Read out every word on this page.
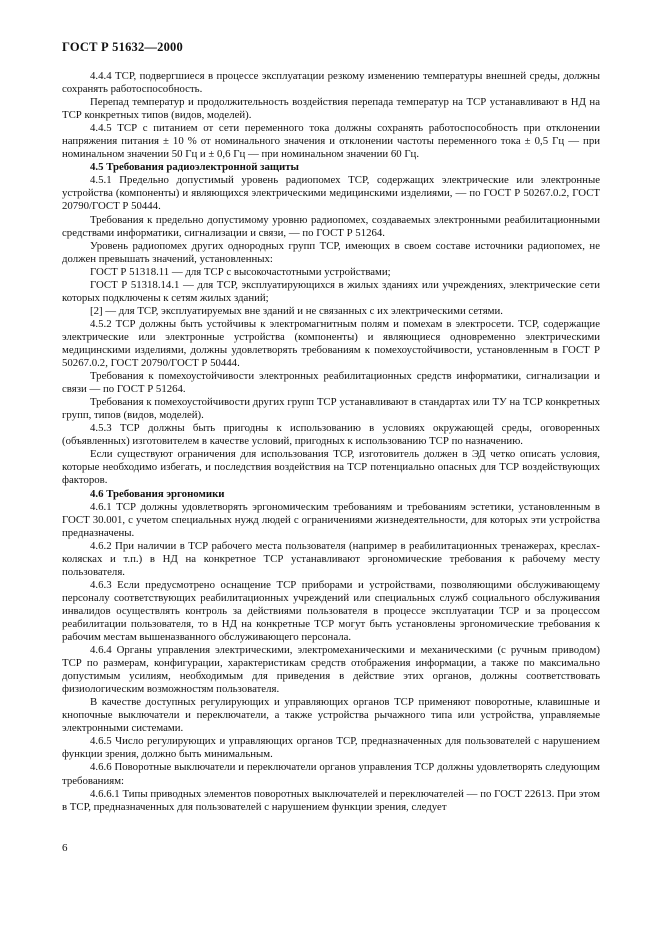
ГОСТ Р 51632—2000

4.4.4 ТСР, подвергшиеся в процессе эксплуатации резкому изменению температуры внешней среды, должны сохранять работоспособность.

Перепад температур и продолжительность воздействия перепада температур на ТСР устанавливают в НД на ТСР конкретных типов (видов, моделей).

4.4.5 ТСР с питанием от сети переменного тока должны сохранять работоспособность при отклонении напряжения питания ± 10 % от номинального значения и отклонении частоты переменного тока ± 0,5 Гц — при номинальном значении 50 Гц и ± 0,6 Гц — при номинальном значении 60 Гц.

4.5 Требования радиоэлектронной защиты

4.5.1 Предельно допустимый уровень радиопомех ТСР, содержащих электрические или электронные устройства (компоненты) и являющихся электрическими медицинскими изделиями, — по ГОСТ Р 50267.0.2, ГОСТ 20790/ГОСТ Р 50444.

Требования к предельно допустимому уровню радиопомех, создаваемых электронными реабилитационными средствами информатики, сигнализации и связи, — по ГОСТ Р 51264.

Уровень радиопомех других однородных групп ТСР, имеющих в своем составе источники радиопомех, не должен превышать значений, установленных:

ГОСТ Р 51318.11 — для ТСР с высокочастотными устройствами;

ГОСТ Р 51318.14.1 — для ТСР, эксплуатирующихся в жилых зданиях или учреждениях, электрические сети которых подключены к сетям жилых зданий;

[2] — для ТСР, эксплуатируемых вне зданий и не связанных с их электрическими сетями.

4.5.2 ТСР должны быть устойчивы к электромагнитным полям и помехам в электросети. ТСР, содержащие электрические или электронные устройства (компоненты) и являющиеся одновременно электрическими медицинскими изделиями, должны удовлетворять требованиям к помехоустойчивости, установленным в ГОСТ Р 50267.0.2, ГОСТ 20790/ГОСТ Р 50444.

Требования к помехоустойчивости электронных реабилитационных средств информатики, сигнализации и связи — по ГОСТ Р 51264.

Требования к помехоустойчивости других групп ТСР устанавливают в стандартах или ТУ на ТСР конкретных групп, типов (видов, моделей).

4.5.3 ТСР должны быть пригодны к использованию в условиях окружающей среды, оговоренных (объявленных) изготовителем в качестве условий, пригодных к использованию ТСР по назначению.

Если существуют ограничения для использования ТСР, изготовитель должен в ЭД четко описать условия, которые необходимо избегать, и последствия воздействия на ТСР потенциально опасных для ТСР воздействующих факторов.

4.6 Требования эргономики

4.6.1 ТСР должны удовлетворять эргономическим требованиям и требованиям эстетики, установленным в ГОСТ 30.001, с учетом специальных нужд людей с ограничениями жизнедеятельности, для которых эти устройства предназначены.

4.6.2 При наличии в ТСР рабочего места пользователя (например в реабилитационных тренажерах, креслах-колясках и т.п.) в НД на конкретное ТСР устанавливают эргономические требования к рабочему месту пользователя.

4.6.3 Если предусмотрено оснащение ТСР приборами и устройствами, позволяющими обслуживающему персоналу соответствующих реабилитационных учреждений или специальных служб социального обслуживания инвалидов осуществлять контроль за действиями пользователя в процессе эксплуатации ТСР и за процессом реабилитации пользователя, то в НД на конкретные ТСР могут быть установлены эргономические требования к рабочим местам вышеназванного обслуживающего персонала.

4.6.4 Органы управления электрическими, электромеханическими и механическими (с ручным приводом) ТСР по размерам, конфигурации, характеристикам средств отображения информации, а также по максимально допустимым усилиям, необходимым для приведения в действие этих органов, должны соответствовать физиологическим возможностям пользователя.

В качестве доступных регулирующих и управляющих органов ТСР применяют поворотные, клавишные и кнопочные выключатели и переключатели, а также устройства рычажного типа или устройства, управляемые электронными системами.

4.6.5 Число регулирующих и управляющих органов ТСР, предназначенных для пользователей с нарушением функции зрения, должно быть минимальным.

4.6.6 Поворотные выключатели и переключатели органов управления ТСР должны удовлетворять следующим требованиям:

4.6.6.1 Типы приводных элементов поворотных выключателей и переключателей — по ГОСТ 22613. При этом в ТСР, предназначенных для пользователей с нарушением функции зрения, следует

6
